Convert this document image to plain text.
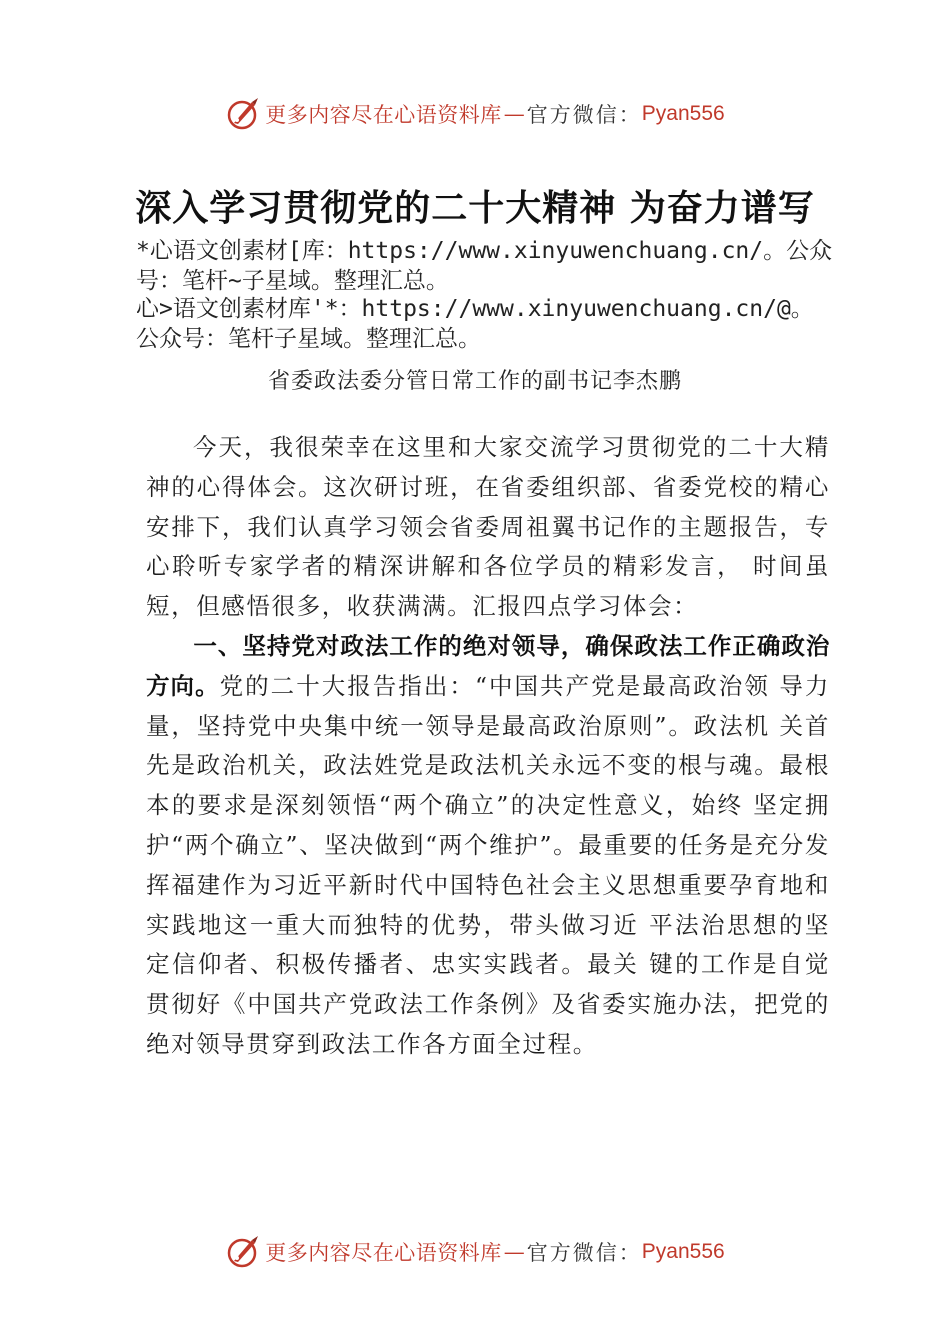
更多内容尽在心语资料库 — 官方微信： Pyan556
深入学习贯彻党的二十大精神 为奋力谱写
*心语文创素材[库：https://www.xinyuwenchuang.cn/。公众号：笔杆~子星域。整理汇总。
心>语文创素材库'*：https://www.xinyuwenchuang.cn/@。公众号：笔杆子星域。整理汇总。
省委政法委分管日常工作的副书记李杰鹏
今天，我很荣幸在这里和大家交流学习贯彻党的二十大精神的心得体会。这次研讨班，在省委组织部、省委党校的精心安排下，我们认真学习领会省委周祖翼书记作的主题报告，专心聆听专家学者的精深讲解和各位学员的精彩发言， 时间虽短，但感悟很多，收获满满。汇报四点学习体会：
一、坚持党对政法工作的绝对领导，确保政法工作正确政治方向。党的二十大报告指出：“中国共产党是最高政治领 导力量，坚持党中央集中统一领导是最高政治原则”。政法机 关首先是政治机关，政法姓党是政法机关永远不变的根与魂。最根本的要求是深刻领悟“两个确立”的决定性意义，始终 坚定拥护“两个确立”、坚决做到“两个维护”。最重要的任务是充分发挥福建作为习近平新时代中国特色社会主义思想重要孕育地和实践地这一重大而独特的优势，带头做习近 平法治思想的坚定信仰者、积极传播者、忠实实践者。最关 键的工作是自觉贯彻好《中国共产党政法工作条例》及省委实施办法，把党的绝对领导贯穿到政法工作各方面全过程。
更多内容尽在心语资料库 — 官方微信： Pyan556
